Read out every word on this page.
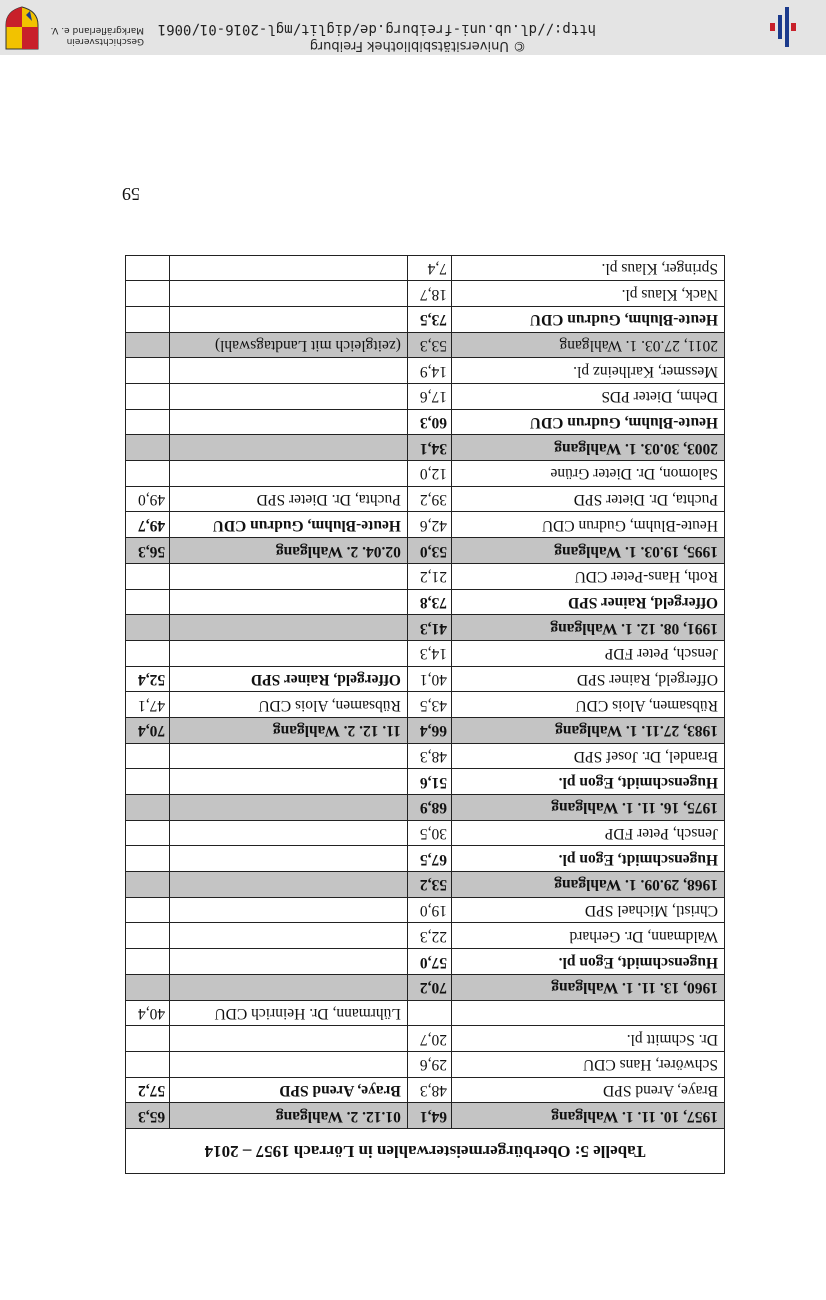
http://dl.ub.uni-freiburg.de/diglit/mgl-2016-01/0061
© Universitätsbibliothek Freiburg
Geschichtsverein
Markgräflerland e. V.
59
Tabelle 5: Oberbürgermeisterwahlen in Lörrach 1957 – 2014			
1957, 10. 11. 1. Wahlgang	64,1	01.12. 2. Wahlgang	65,3
Braye, Arend SPD	48,3	Braye, Arend SPD	57,2
Schwörer, Hans CDU	29,6		
Dr. Schmitt pl.	20,7		
		Lührmann, Dr. Heinrich CDU	40,4
1960, 13. 11. 1. Wahlgang	70,2		
Hugenschmidt, Egon pl.	57,0		
Waldmann, Dr. Gerhard	22,3		
Christl, Michael SPD	19,0		
1968, 29.09. 1. Wahlgang	53,2		
Hugenschmidt, Egon pl.	67,5		
Jensch, Peter FDP	30,5		
1975, 16. 11. 1. Wahlgang	68,9		
Hugenschmidt, Egon pl.	51,6		
Brandel, Dr. Josef SPD	48,3		
1983, 27.11. 1. Wahlgang	66,4	11. 12. 2. Wahlgang	70,4
Rübsamen, Alois CDU	43,5	Rübsamen, Alois CDU	47,1
Offergeld, Rainer SPD	40,1	Offergeld, Rainer SPD	52,4
Jensch, Peter FDP	14,3		
1991, 08. 12. 1. Wahlgang	41,3		
Offergeld, Rainer SPD	73,8		
Roth, Hans-Peter CDU	21,2		
1995, 19.03. 1. Wahlgang	53,0	02.04. 2. Wahlgang	56,3
Heute-Bluhm, Gudrun CDU	42,6	Heute-Bluhm, Gudrun CDU	49,7
Puchta, Dr. Dieter SPD	39,2	Puchta, Dr. Dieter SPD	49,0
Salomon, Dr. Dieter Grüne	12,0		
2003, 30.03. 1. Wahlgang	34,1		
Heute-Bluhm, Gudrun CDU	60,3		
Dehm, Dieter PDS	17,6		
Messmer, Karlheinz pl.	14,9		
2011, 27.03. 1. Wahlgang	53,3	(zeitgleich mit Landtagswahl)	
Heute-Bluhm, Gudrun CDU	73,5		
Nack, Klaus pl.	18,7		
Springer, Klaus pl.	7,4		
